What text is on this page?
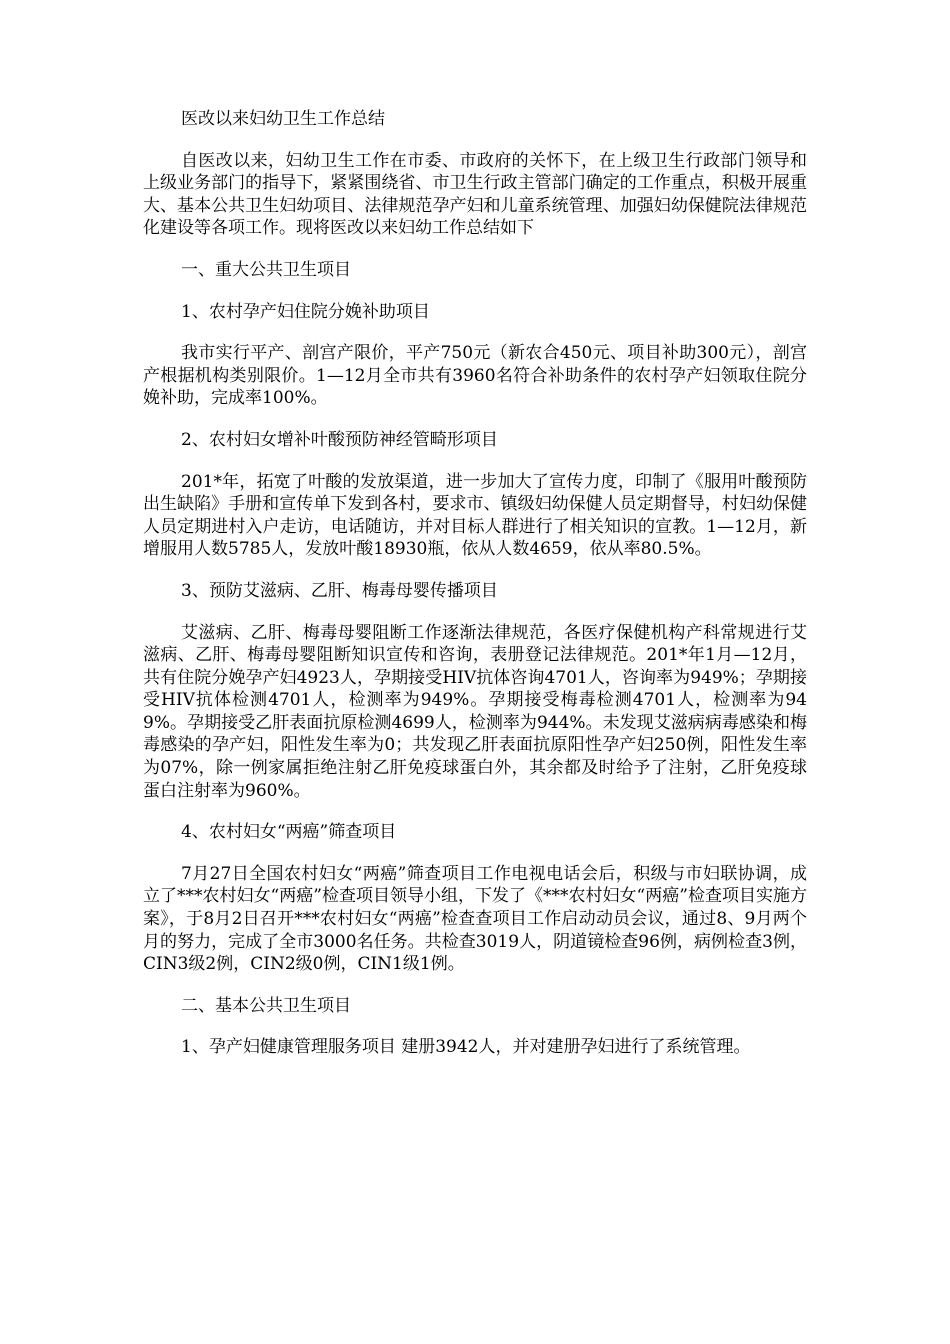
医改以来妇幼卫生工作总结

自医改以来，妇幼卫生工作在市委、市政府的关怀下，在上级卫生行政部门领导和上级业务部门的指导下，紧紧围绕省、市卫生行政主管部门确定的工作重点，积极开展重大、基本公共卫生妇幼项目、法律规范孕产妇和儿童系统管理、加强妇幼保健院法律规范化建设等各项工作。现将医改以来妇幼工作总结如下

一、重大公共卫生项目

1、农村孕产妇住院分娩补助项目

我市实行平产、剖宫产限价，平产750元（新农合450元、项目补助300元），剖宫产根据机构类别限价。1—12月全市共有3960名符合补助条件的农村孕产妇领取住院分娩补助，完成率100%。

2、农村妇女增补叶酸预防神经管畸形项目

201*年，拓宽了叶酸的发放渠道，进一步加大了宣传力度，印制了《服用叶酸预防出生缺陷》手册和宣传单下发到各村，要求市、镇级妇幼保健人员定期督导，村妇幼保健人员定期进村入户走访，电话随访，并对目标人群进行了相关知识的宣教。1—12月，新增服用人数5785人，发放叶酸18930瓶，依从人数4659，依从率80.5%。

3、预防艾滋病、乙肝、梅毒母婴传播项目

艾滋病、乙肝、梅毒母婴阻断工作逐渐法律规范，各医疗保健机构产科常规进行艾滋病、乙肝、梅毒母婴阻断知识宣传和咨询，表册登记法律规范。201*年1月—12月，共有住院分娩孕产妇4923人，孕期接受HIV抗体咨询4701人，咨询率为949%；孕期接受HIV抗体检测4701人，检测率为949%。孕期接受梅毒检测4701人，检测率为949%。孕期接受乙肝表面抗原检测4699人，检测率为944%。未发现艾滋病病毒感染和梅毒感染的孕产妇，阳性发生率为0；共发现乙肝表面抗原阳性孕产妇250例，阳性发生率为07%，除一例家属拒绝注射乙肝免疫球蛋白外，其余都及时给予了注射，乙肝免疫球蛋白注射率为960%。

4、农村妇女“两癌”筛查项目

7月27日全国农村妇女“两癌”筛查项目工作电视电话会后，积级与市妇联协调，成立了***农村妇女“两癌”检查项目领导小组，下发了《***农村妇女“两癌”检查项目实施方案》，于8月2日召开***农村妇女“两癌”检查查项目工作启动动员会议，通过8、9月两个月的努力，完成了全市3000名任务。共检查3019人，阴道镜检查96例，病例检查3例，CIN3级2例，CIN2级0例，CIN1级1例。

二、基本公共卫生项目

1、孕产妇健康管理服务项目 建册3942人，并对建册孕妇进行了系统管理。
